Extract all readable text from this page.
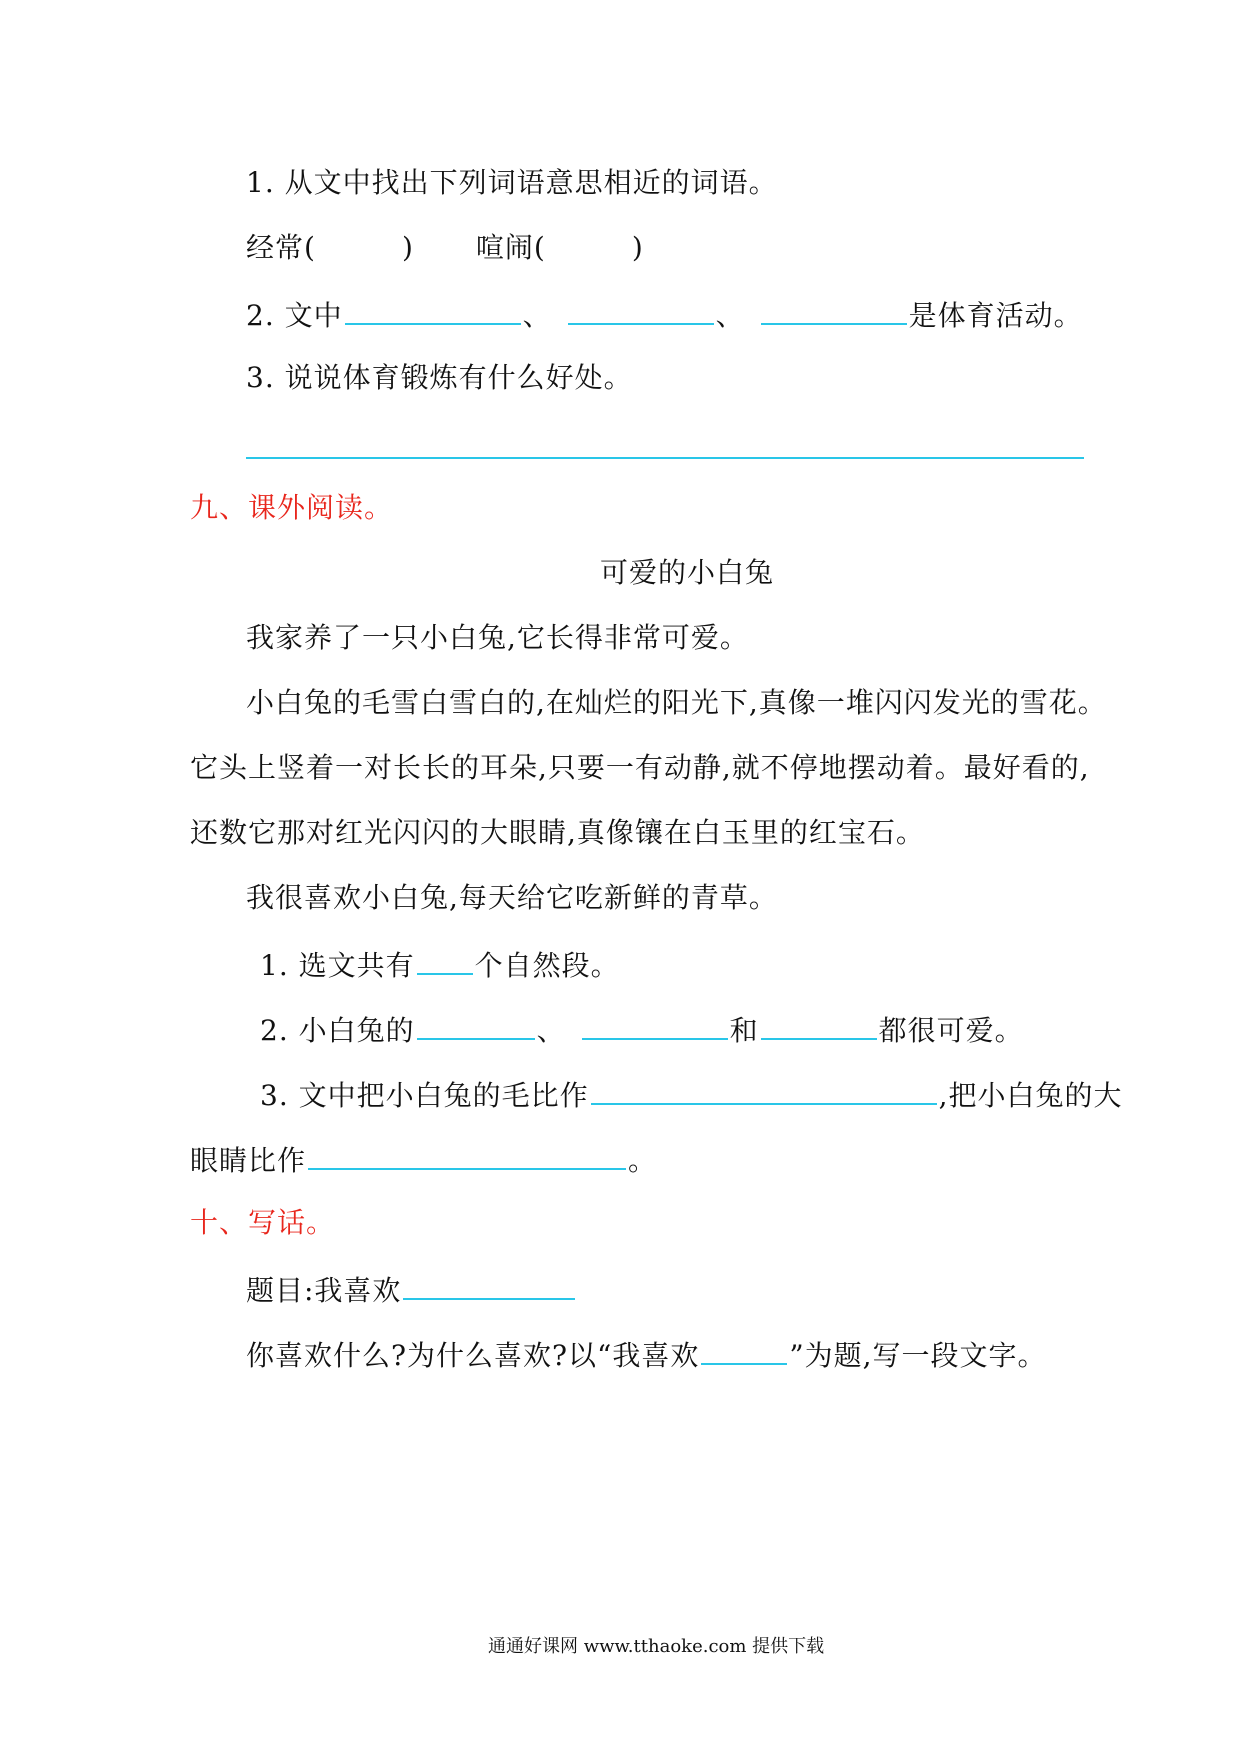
1. 从文中找出下列词语意思相近的词语。
经常(	) 喧闹(	)
2. 文中	、	、	是体育活动。
3. 说说体育锻炼有什么好处。
九、课外阅读。
可爱的小白兔
我家养了一只小白兔,它长得非常可爱。
小白兔的毛雪白雪白的,在灿烂的阳光下,真像一堆闪闪发光的雪花。
它头上竖着一对长长的耳朵,只要一有动静,就不停地摆动着。最好看的,
还数它那对红光闪闪的大眼睛,真像镶在白玉里的红宝石。
我很喜欢小白兔,每天给它吃新鲜的青草。
1. 选文共有 个自然段。
2. 小白兔的	、	和	都很可爱。
3. 文中把小白兔的毛比作	,把小白兔的大
眼睛比作	。
十、写话。
题目:我喜欢
你喜欢什么?为什么喜欢?以“我喜欢	”为题,写一段文字。
通通好课网 www.tthaoke.com 提供下载
